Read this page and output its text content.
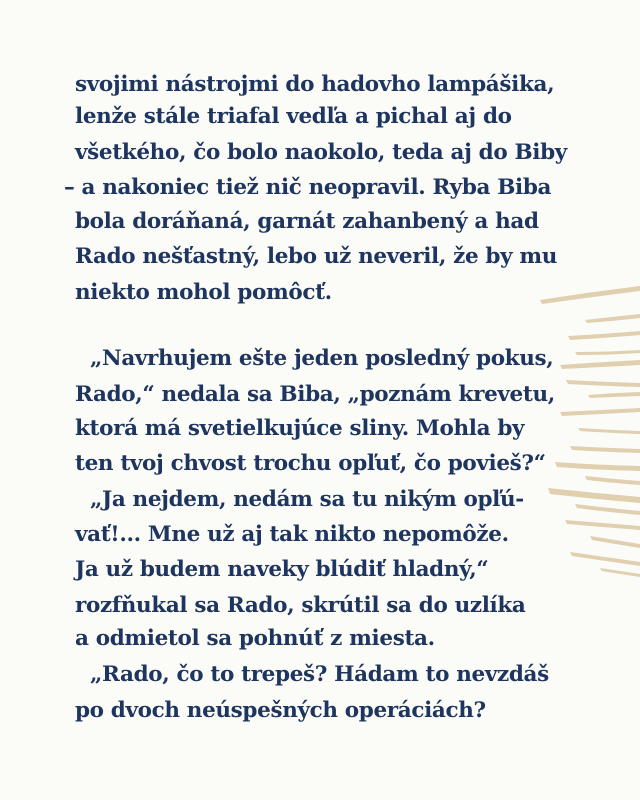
svojimi nástrojmi do hadovho lampášika,
lenže stále triafal vedľa a pichal aj do
všetkého, čo bolo naokolo, teda aj do Biby
– a nakoniec tiež nič neopravil. Ryba Biba
bola doráňaná, garnát zahanbený a had
Rado nešťastný, lebo už neveril, že by mu
niekto mohol pomôcť.
„Navrhujem ešte jeden posledný pokus,
Rado,“ nedala sa Biba, „poznám krevetu,
ktorá má svetielkujúce sliny. Mohla by
ten tvoj chvost trochu opľuť, čo povieš?“
„Ja nejdem, nedám sa tu nikým opľú-
vať!... Mne už aj tak nikto nepomôže.
Ja už budem naveky blúdiť hladný,“
rozfňukal sa Rado, skrútil sa do uzlíka
a odmietol sa pohnúť z miesta.
„Rado, čo to trepeš? Hádam to nevzdáš
po dvoch neúspešných operáciách?
